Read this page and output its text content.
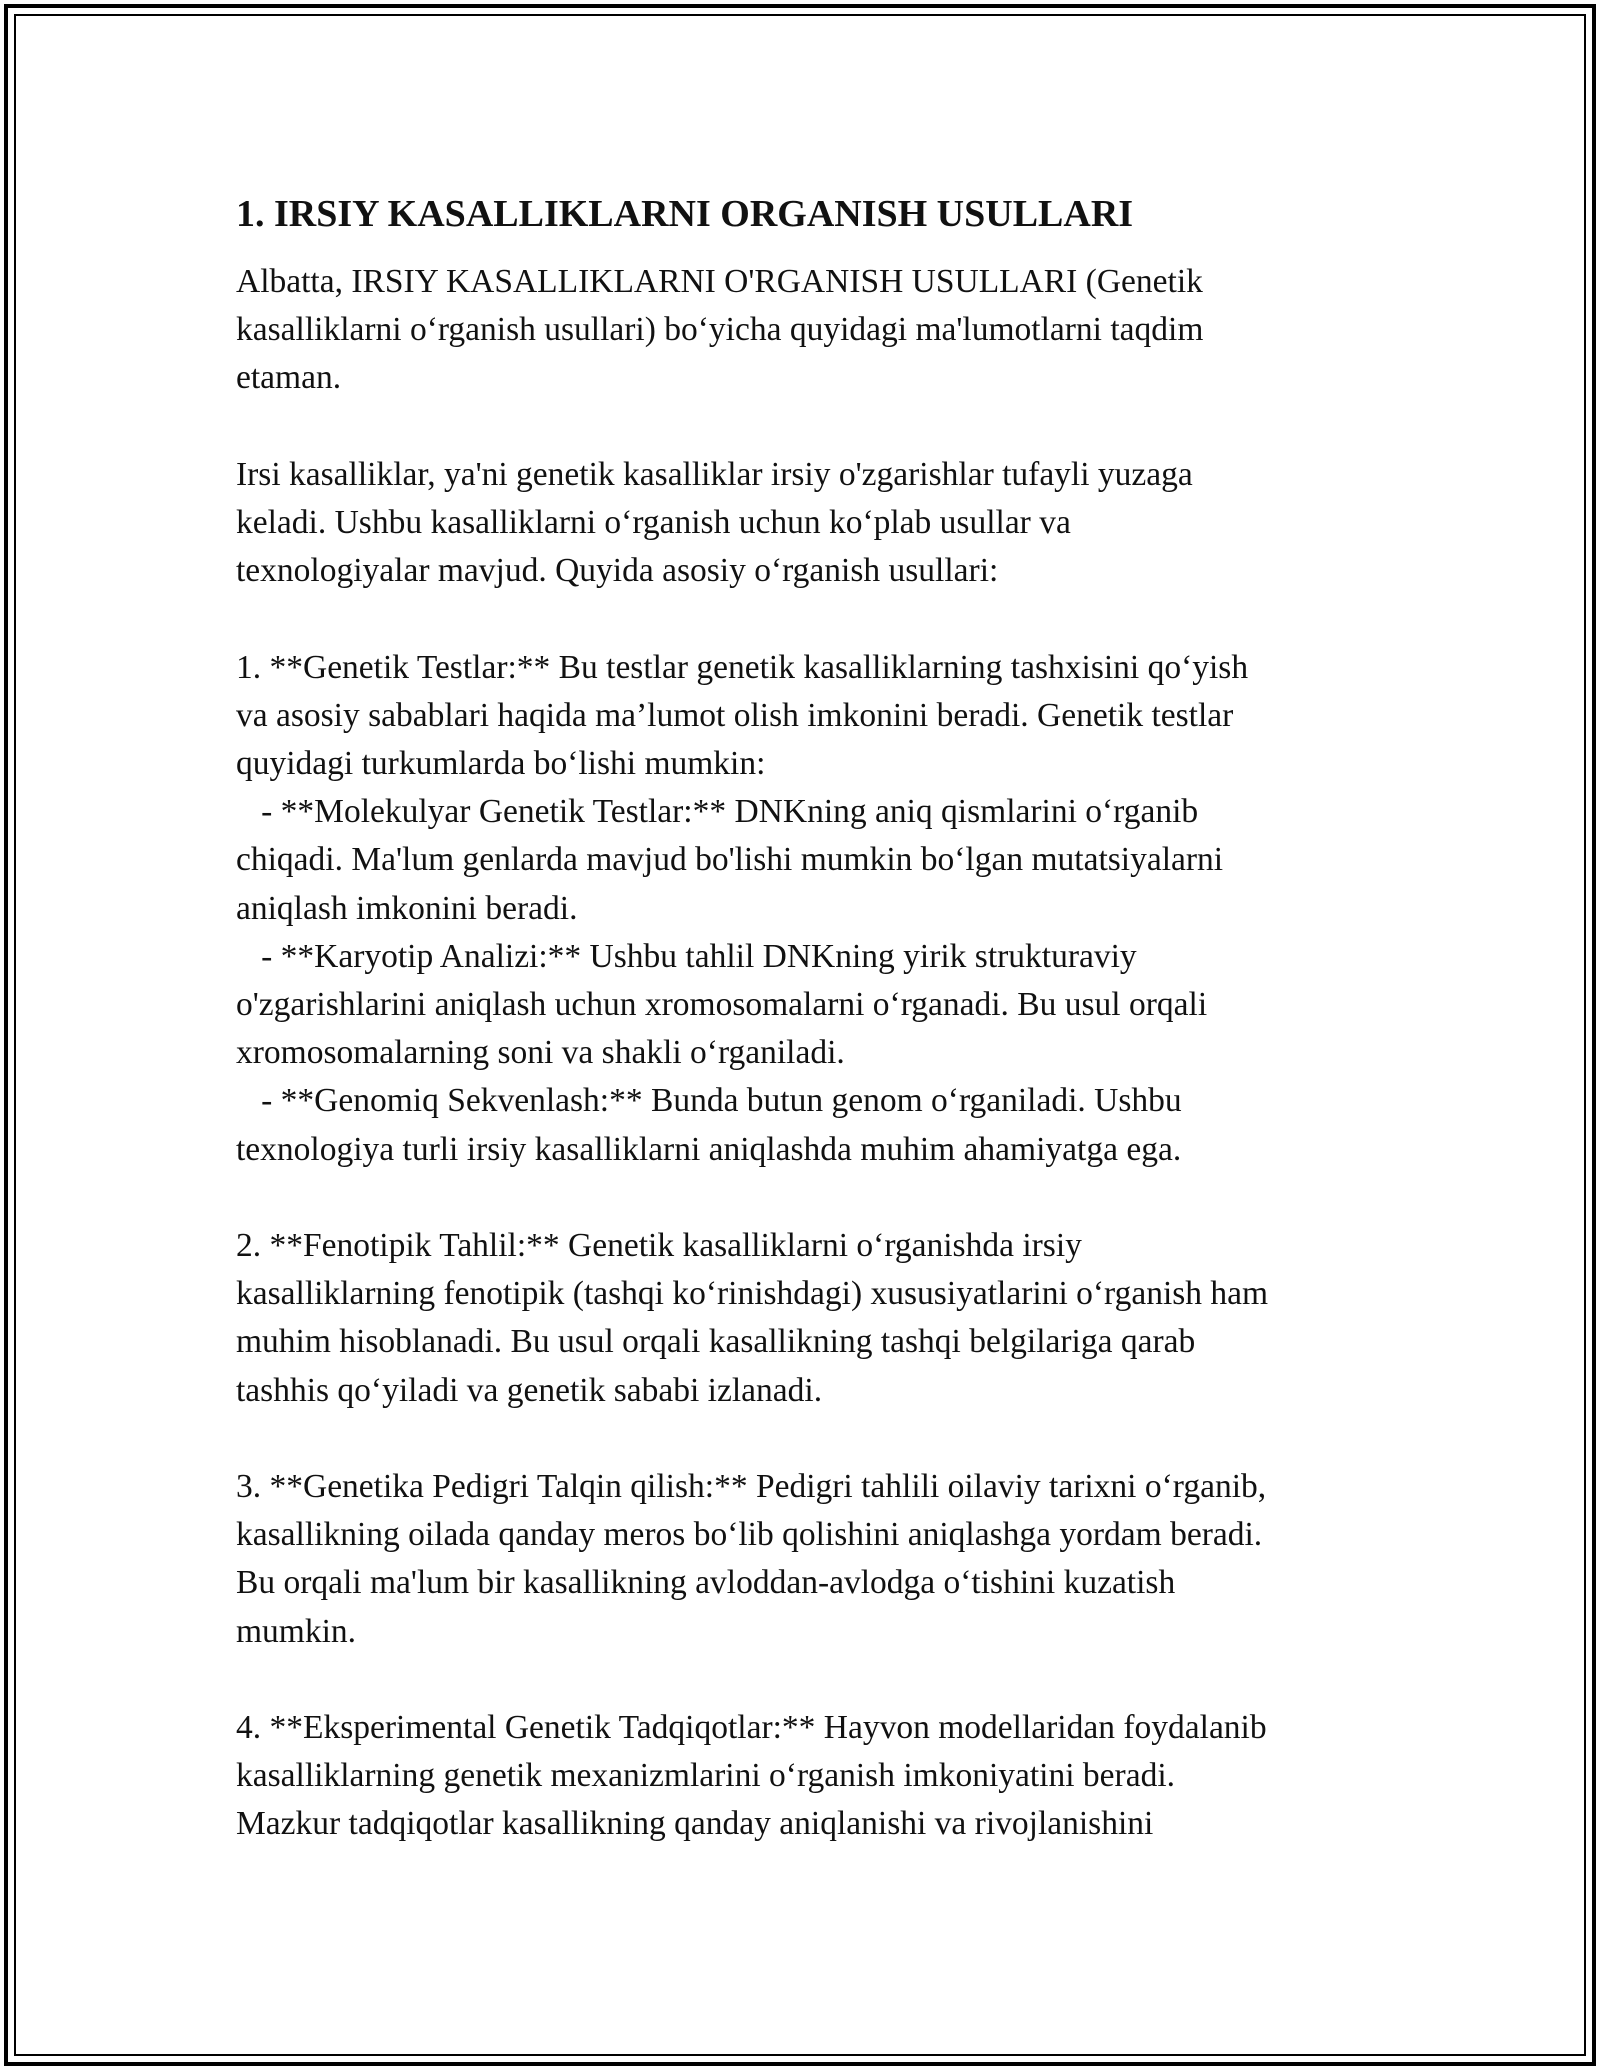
1. IRSIY KASALLIKLARNI ORGANISH USULLARI

Albatta, IRSIY KASALLIKLARNI O'RGANISH USULLARI (Genetik
kasalliklarni o‘rganish usullari) bo‘yicha quyidagi ma'lumotlarni taqdim
etaman.

Irsi kasalliklar, ya'ni genetik kasalliklar irsiy o'zgarishlar tufayli yuzaga
keladi. Ushbu kasalliklarni o‘rganish uchun ko‘plab usullar va
texnologiyalar mavjud. Quyida asosiy o‘rganish usullari:

1. **Genetik Testlar:** Bu testlar genetik kasalliklarning tashxisini qo‘yish
va asosiy sabablari haqida ma’lumot olish imkonini beradi. Genetik testlar
quyidagi turkumlarda bo‘lishi mumkin:

- **Molekulyar Genetik Testlar:** DNKning aniq qismlarini o‘rganib
chiqadi. Ma'lum genlarda mavjud bo'lishi mumkin bo‘lgan mutatsiyalarni
aniqlash imkonini beradi.

- **Karyotip Analizi:** Ushbu tahlil DNKning yirik strukturaviy
o'zgarishlarini aniqlash uchun xromosomalarni o‘rganadi. Bu usul orqali
xromosomalarning soni va shakli o‘rganiladi.

- **Genomiq Sekvenlash:** Bunda butun genom o‘rganiladi. Ushbu
texnologiya turli irsiy kasalliklarni aniqlashda muhim ahamiyatga ega.

2. **Fenotipik Tahlil:** Genetik kasalliklarni o‘rganishda irsiy
kasalliklarning fenotipik (tashqi ko‘rinishdagi) xususiyatlarini o‘rganish ham
muhim hisoblanadi. Bu usul orqali kasallikning tashqi belgilariga qarab
tashhis qo‘yiladi va genetik sababi izlanadi.

3. **Genetika Pedigri Talqin qilish:** Pedigri tahlili oilaviy tarixni o‘rganib,
kasallikning oilada qanday meros bo‘lib qolishini aniqlashga yordam beradi.
Bu orqali ma'lum bir kasallikning avloddan-avlodga o‘tishini kuzatish
mumkin.

4. **Eksperimental Genetik Tadqiqotlar:** Hayvon modellaridan foydalanib
kasalliklarning genetik mexanizmlarini o‘rganish imkoniyatini beradi.
Mazkur tadqiqotlar kasallikning qanday aniqlanishi va rivojlanishini
